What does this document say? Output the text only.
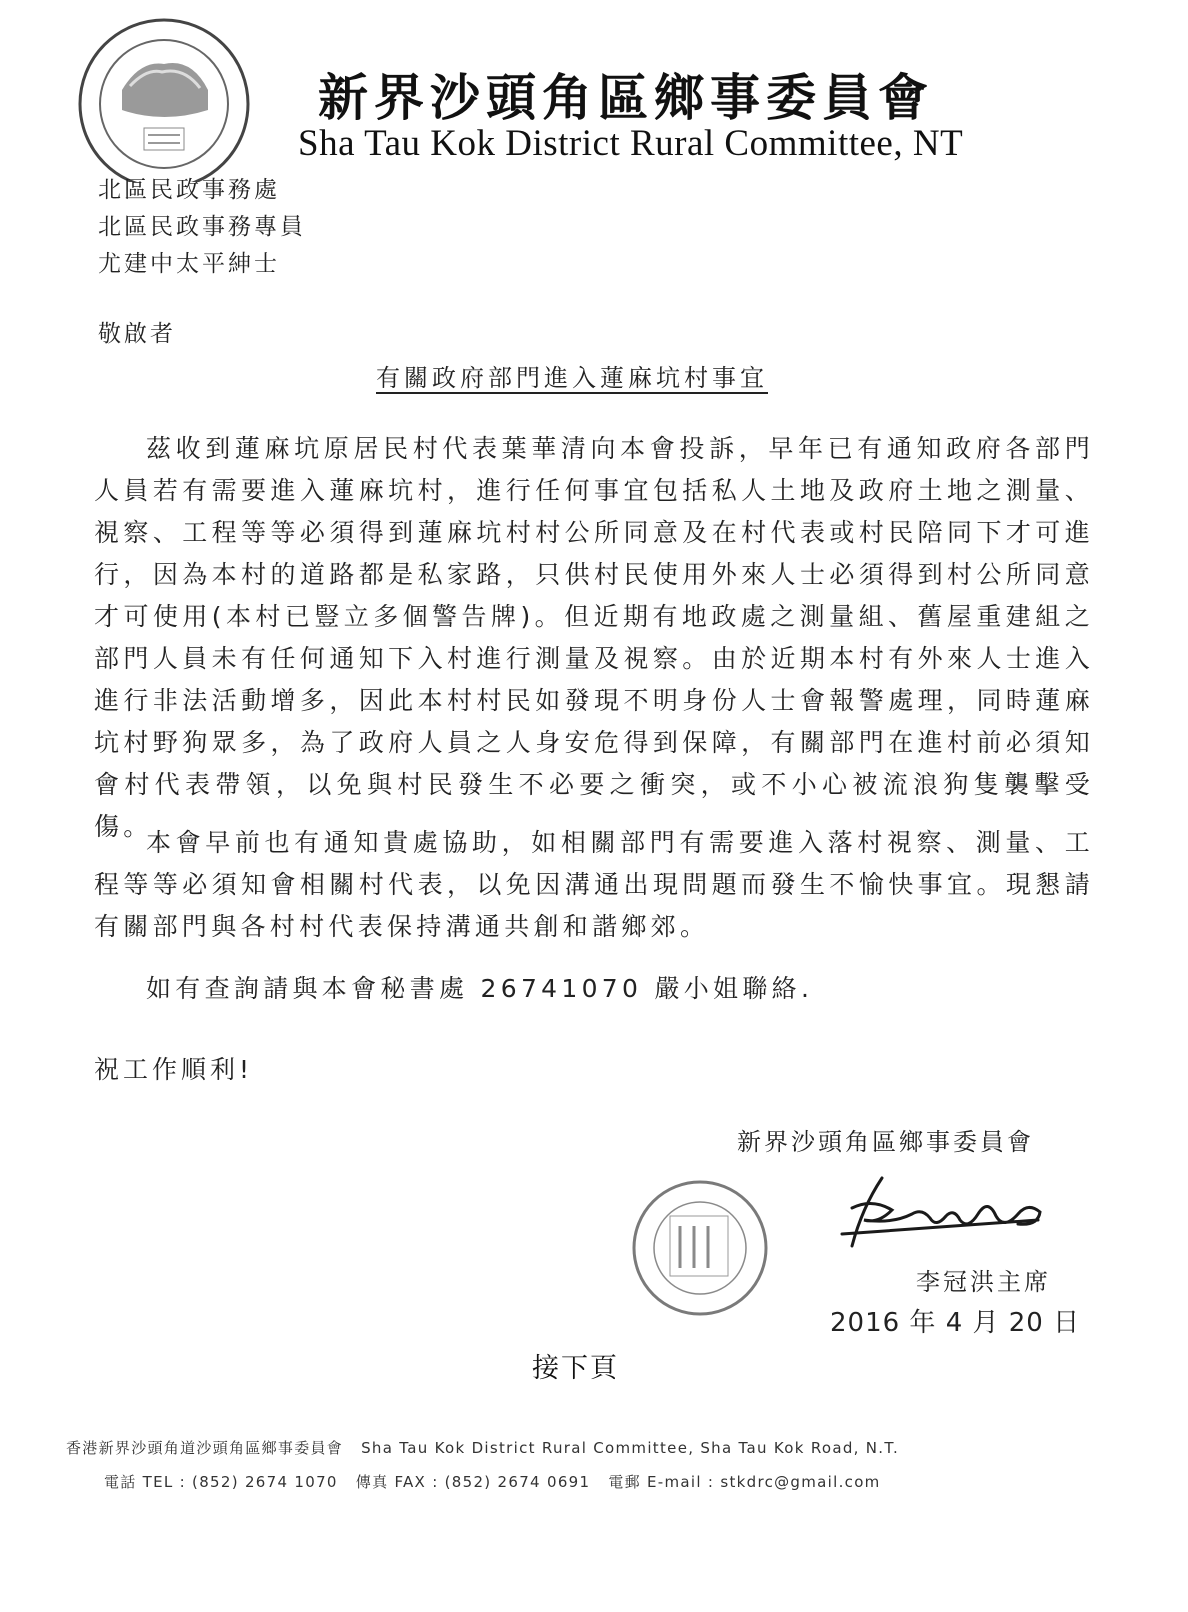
新界沙頭角區鄉事委員會
Sha Tau Kok District Rural Committee, NT
北區民政事務處
北區民政事務專員
尤建中太平紳士
敬啟者
有關政府部門進入蓮麻坑村事宜
茲收到蓮麻坑原居民村代表葉華清向本會投訴，早年已有通知政府各部門人員若有需要進入蓮麻坑村，進行任何事宜包括私人土地及政府土地之測量、視察、工程等等必須得到蓮麻坑村村公所同意及在村代表或村民陪同下才可進行，因為本村的道路都是私家路，只供村民使用外來人士必須得到村公所同意才可使用(本村已豎立多個警告牌)。但近期有地政處之測量組、舊屋重建組之部門人員未有任何通知下入村進行測量及視察。由於近期本村有外來人士進入進行非法活動增多，因此本村村民如發現不明身份人士會報警處理，同時蓮麻坑村野狗眾多，為了政府人員之人身安危得到保障，有關部門在進村前必須知會村代表帶領，以免與村民發生不必要之衝突，或不小心被流浪狗隻襲擊受傷。
本會早前也有通知貴處協助，如相關部門有需要進入落村視察、測量、工程等等必須知會相關村代表，以免因溝通出現問題而發生不愉快事宜。現懇請有關部門與各村村代表保持溝通共創和諧鄉郊。
如有查詢請與本會秘書處 26741070 嚴小姐聯絡.
祝工作順利!
新界沙頭角區鄉事委員會
李冠洪主席
2016 年 4 月 20 日
接下頁
香港新界沙頭角道沙頭角區鄉事委員會 Sha Tau Kok District Rural Committee, Sha Tau Kok Road, N.T.
電話 TEL : (852) 2674 1070 傳真 FAX : (852) 2674 0691 電郵 E-mail : stkdrc@gmail.com
